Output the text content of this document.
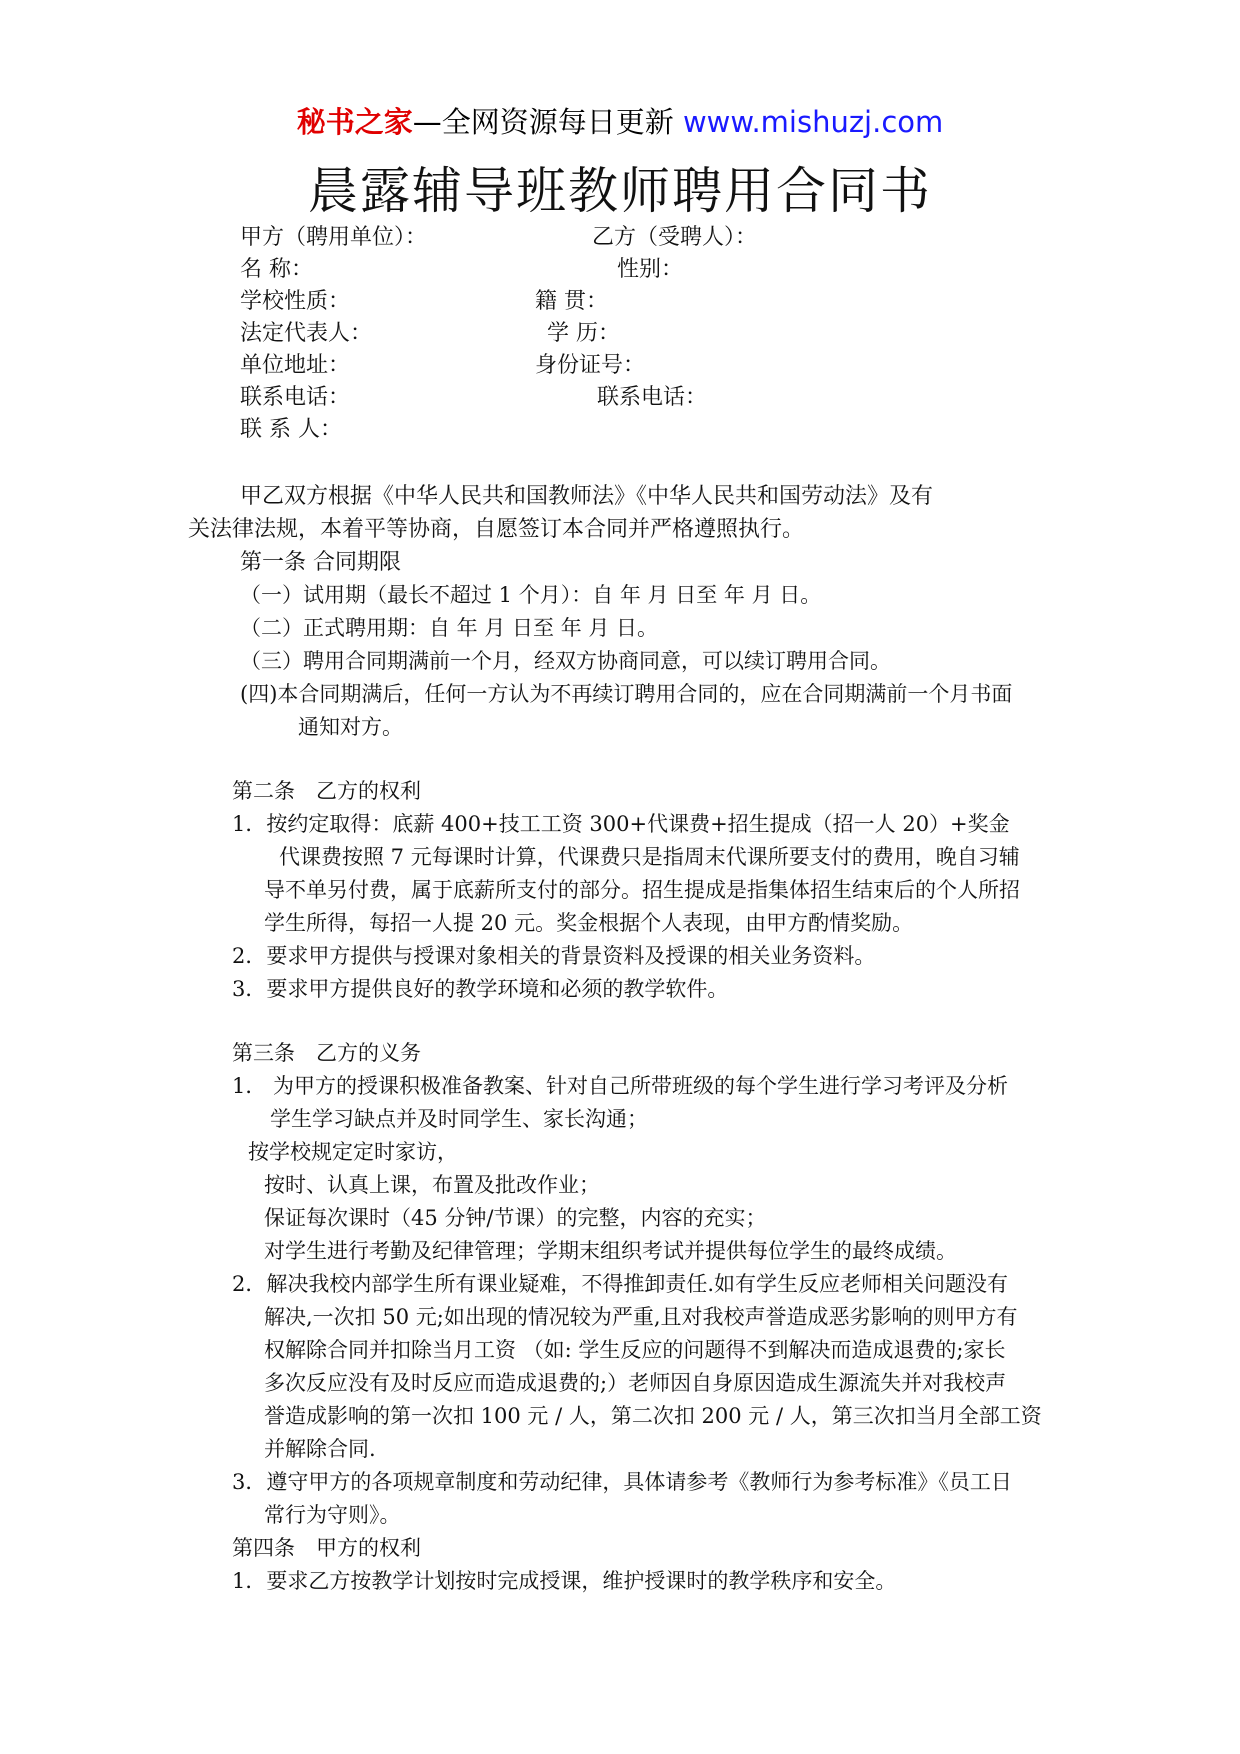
秘书之家—全网资源每日更新 www.mishuzj.com
晨露辅导班教师聘用合同书
甲方（聘用单位）：	乙方（受聘人）：
名 称：	性别：
学校性质：	籍 贯：
法定代表人：	学 历：
单位地址：	身份证号：
联系电话：	联系电话：
联 系 人：
甲乙双方根据《中华人民共和国教师法》《中华人民共和国劳动法》及有
关法律法规，本着平等协商，自愿签订本合同并严格遵照执行。
第一条 合同期限
（一）试用期（最长不超过 1 个月）：自 年 月 日至 年 月 日。
（二）正式聘用期：自 年 月 日至 年 月 日。
（三）聘用合同期满前一个月，经双方协商同意，可以续订聘用合同。
(四)本合同期满后，任何一方认为不再续订聘用合同的，应在合同期满前一个月书面
通知对方。
第二条　乙方的权利
1．按约定取得：底薪 400+技工工资 300+代课费+招生提成（招一人 20）+奖金
代课费按照 7 元每课时计算，代课费只是指周末代课所要支付的费用，晚自习辅
导不单另付费，属于底薪所支付的部分。招生提成是指集体招生结束后的个人所招
学生所得，每招一人提 20 元。奖金根据个人表现，由甲方酌情奖励。
2．要求甲方提供与授课对象相关的背景资料及授课的相关业务资料。
3．要求甲方提供良好的教学环境和必须的教学软件。
第三条　乙方的义务
1． 为甲方的授课积极准备教案、针对自己所带班级的每个学生进行学习考评及分析
学生学习缺点并及时同学生、家长沟通；
按学校规定定时家访，
按时、认真上课，布置及批改作业；
保证每次课时（45 分钟/节课）的完整，内容的充实；
对学生进行考勤及纪律管理；学期末组织考试并提供每位学生的最终成绩。
2．解决我校内部学生所有课业疑难，不得推卸责任.如有学生反应老师相关问题没有
解决,一次扣 50 元;如出现的情况较为严重,且对我校声誉造成恶劣影响的则甲方有
权解除合同并扣除当月工资 （如: 学生反应的问题得不到解决而造成退费的;家长
多次反应没有及时反应而造成退费的;）老师因自身原因造成生源流失并对我校声
誉造成影响的第一次扣 100 元 / 人，第二次扣 200 元 / 人，第三次扣当月全部工资
并解除合同.
3．遵守甲方的各项规章制度和劳动纪律，具体请参考《教师行为参考标准》《员工日
常行为守则》。
第四条　甲方的权利
1．要求乙方按教学计划按时完成授课，维护授课时的教学秩序和安全。
